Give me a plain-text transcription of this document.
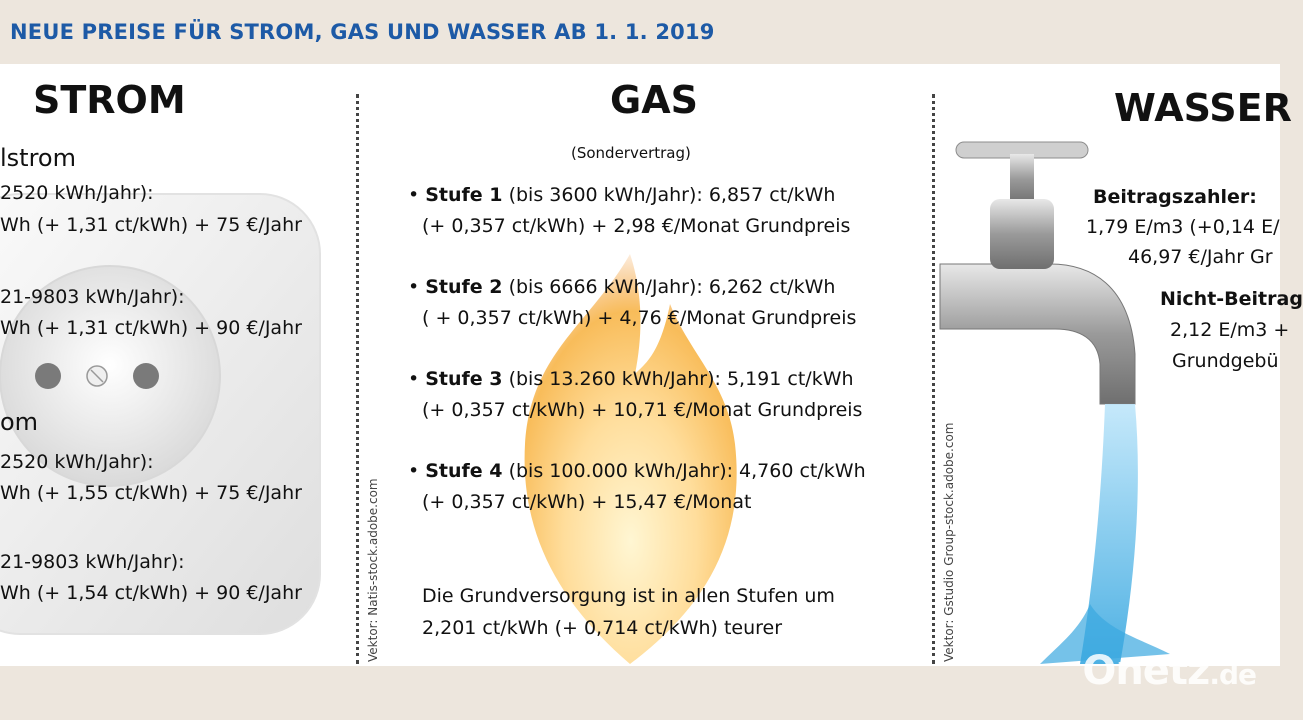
NEUE PREISE FÜR STROM, GAS UND WASSER AB 1. 1. 2019
STROM
lstrom
2520 kWh/Jahr):
Wh (+ 1,31 ct/kWh) + 75 €/Jahr
21-9803 kWh/Jahr):
Wh (+ 1,31 ct/kWh) + 90 €/Jahr
om
2520 kWh/Jahr):
Wh (+ 1,55 ct/kWh) + 75 €/Jahr
21-9803 kWh/Jahr):
Wh (+ 1,54 ct/kWh) + 90 €/Jahr	Vektor: Natis-stock.adobe.com
GAS
(Sondervertrag)
• Stufe 1 (bis 3600 kWh/Jahr): 6,857 ct/kWh
(+ 0,357 ct/kWh) + 2,98 €/Monat Grundpreis
• Stufe 2 (bis 6666 kWh/Jahr): 6,262 ct/kWh
( + 0,357 ct/kWh) + 4,76 €/Monat Grundpreis
• Stufe 3 (bis 13.260 kWh/Jahr): 5,191 ct/kWh
(+ 0,357 ct/kWh) + 10,71 €/Monat Grundpreis
• Stufe 4 (bis 100.000 kWh/Jahr): 4,760 ct/kWh
(+ 0,357 ct/kWh) + 15,47 €/Monat
Die Grundversorgung ist in allen Stufen um
2,201 ct/kWh (+ 0,714 ct/kWh) teurer	Vektor: Gstudio Group-stock.adobe.com
WASSER
Beitragszahler:
1,79 E/m3 (+0,14 E/
46,97 €/Jahr Gr
Nicht-Beitrag
2,12 E/m3 +
Grundgebü
Onetz.de
